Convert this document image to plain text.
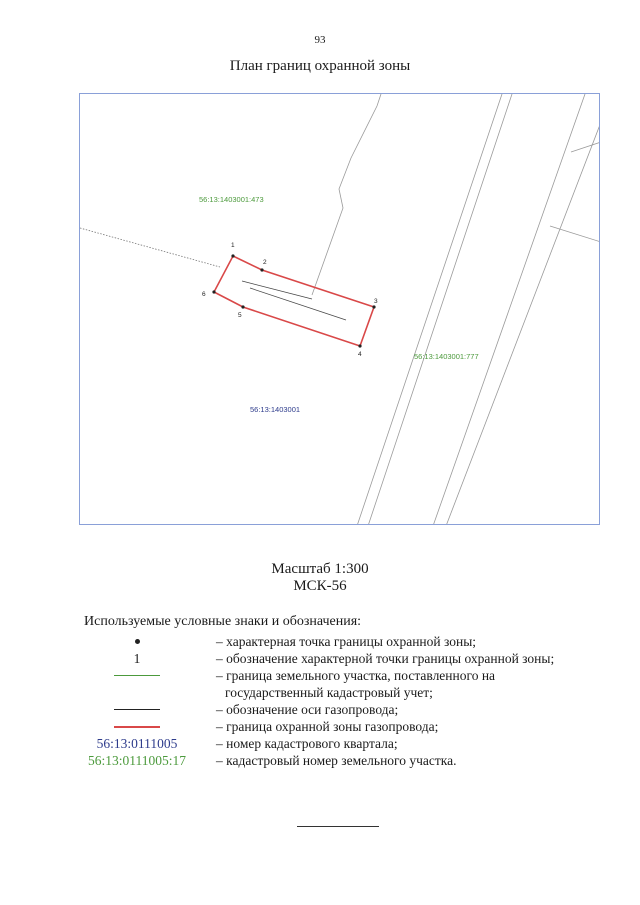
93
План границ охранной зоны
1
2
3
4
5
6
56:13:1403001:473
56:13:1403001:777
56:13:1403001
Масштаб 1:300
МСК-56
Используемые условные знаки и обозначения:
– характерная точка границы охранной зоны;
1	– обозначение характерной точки границы охранной зоны;
– граница земельного участка, поставленного на
государственный кадастровый учет;
– обозначение оси газопровода;
– граница охранной зоны газопровода;
56:13:0111005	– номер кадастрового квартала;
56:13:0111005:17 – кадастровый номер земельного участка.
